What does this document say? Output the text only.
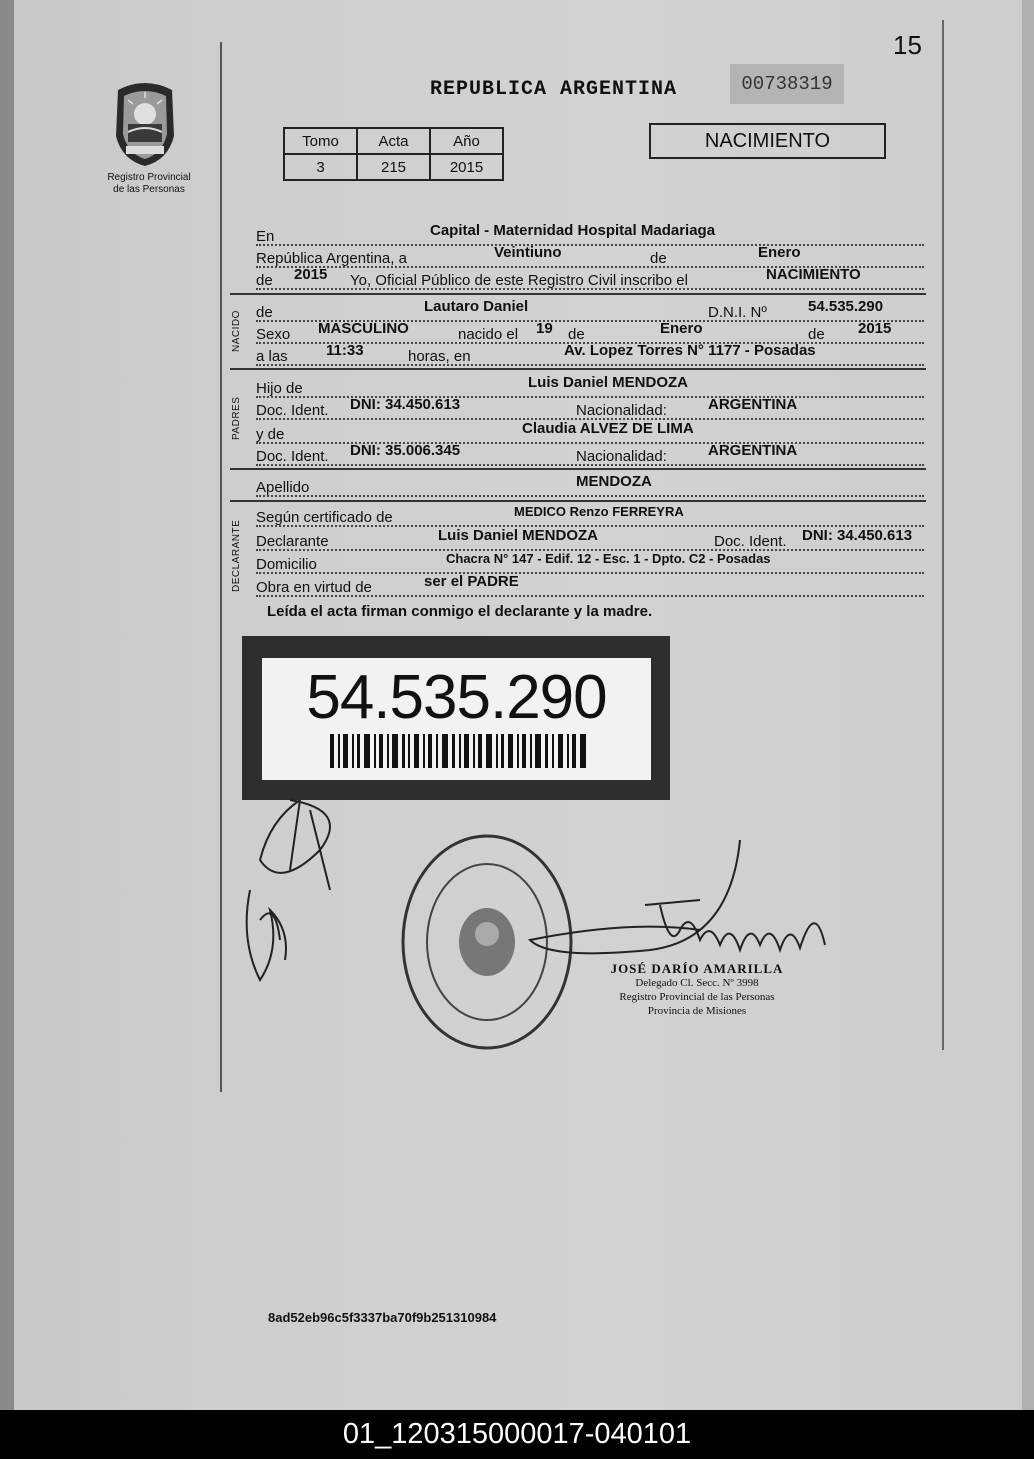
15
Registro Provincial
de las Personas
REPUBLICA ARGENTINA	00738319
Tomo	Acta	Año
3	215	2015
NACIMIENTO
En	Capital - Maternidad Hospital Madariaga
República Argentina, a	Veintiuno	de	Enero
de 2015 Yo, Oficial Público de este Registro Civil inscribo el	NACIMIENTO
NACIDO de	Lautaro Daniel	D.N.I. Nº	54.535.290
Sexo MASCULINO	nacido el 19 de	Enero	de 2015
a las	11:33	horas, en	Av. Lopez Torres N° 1177 - Posadas
PADRES
Hijo de	Luis Daniel MENDOZA
Doc. Ident. DNI: 34.450.613	Nacionalidad:	ARGENTINA
y de	Claudia ALVEZ DE LIMA
Doc. Ident. DNI: 35.006.345	Nacionalidad:	ARGENTINA
Apellido	MENDOZA
DECLARANTE
Según certificado de	MEDICO Renzo FERREYRA
Declarante	Luis Daniel MENDOZA	Doc. Ident. DNI: 34.450.613
Domicilio	Chacra N° 147 - Edif. 12 - Esc. 1 - Dpto. C2 - Posadas
Obra en virtud de	ser el PADRE
Leída el acta firman conmigo el declarante y la madre.
54.535.290
JOSÉ DARÍO AMARILLA
Delegado Cl. Secc. Nº 3998
Registro Provincial de las Personas
Provincia de Misiones
8ad52eb96c5f3337ba70f9b251310984
01_120315000017-040101
